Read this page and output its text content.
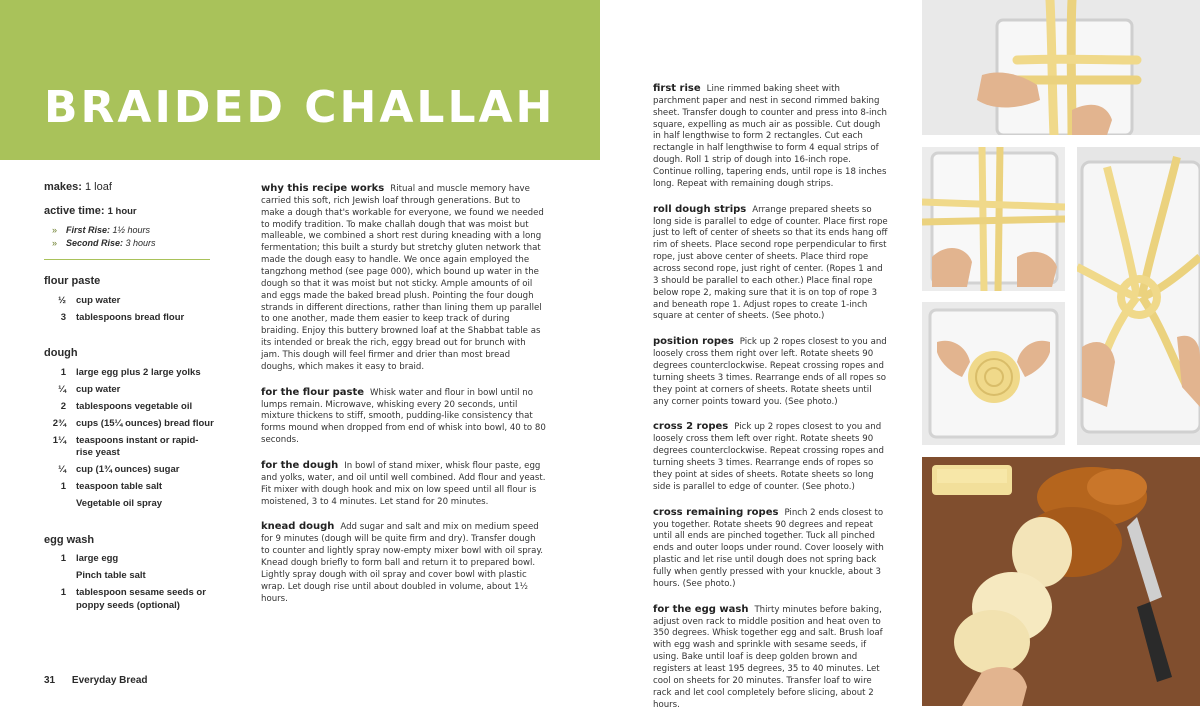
BRAIDED CHALLAH
makes: 1 loaf
active time: 1 hour
» First Rise: 1½ hours
» Second Rise: 3 hours
flour paste
½	cup water
3	tablespoons bread flour
dough
1	large egg plus 2 large yolks
¼	cup water
2	tablespoons vegetable oil
2¾	cups (15¼ ounces) bread flour
1¼	teaspoons instant or rapid-rise yeast
¼	cup (1¾ ounces) sugar
1	teaspoon table salt
Vegetable oil spray
egg wash
1	large egg
Pinch table salt
1	tablespoon sesame seeds or poppy seeds (optional)
31 Everyday Bread

why this recipe works Ritual and muscle memory have carried this soft, rich Jewish loaf through generations. But to make a dough that's workable for everyone, we found we needed to modify tradition. To make challah dough that was moist but malleable, we combined a short rest during kneading with a long fermentation; this built a sturdy but stretchy gluten network that made the dough easy to handle. We once again employed the tangzhong method (see page 000), which bound up water in the dough so that it was moist but not sticky. Ample amounts of oil and eggs made the baked bread plush. Pointing the four dough strands in different directions, rather than lining them up parallel to one another, made them easier to keep track of during braiding. Enjoy this buttery browned loaf at the Shabbat table as its intended or break the rich, eggy bread out for brunch with jam. This dough will feel firmer and drier than most bread doughs, which makes it easy to braid.

for the flour paste Whisk water and flour in bowl until no lumps remain. Microwave, whisking every 20 seconds, until mixture thickens to stiff, smooth, pudding-like consistency that forms mound when dropped from end of whisk into bowl, 40 to 80 seconds.

for the dough In bowl of stand mixer, whisk flour paste, egg and yolks, water, and oil until well combined. Add flour and yeast. Fit mixer with dough hook and mix on low speed until all flour is moistened, 3 to 4 minutes. Let stand for 20 minutes.

knead dough Add sugar and salt and mix on medium speed for 9 minutes (dough will be quite firm and dry). Transfer dough to counter and lightly spray now-empty mixer bowl with oil spray. Knead dough briefly to form ball and return it to prepared bowl. Lightly spray dough with oil spray and cover bowl with plastic wrap. Let dough rise until about doubled in volume, about 1½ hours.

first rise Line rimmed baking sheet with parchment paper and nest in second rimmed baking sheet. Transfer dough to counter and press into 8-inch square, expelling as much air as possible. Cut dough in half lengthwise to form 2 rectangles. Cut each rectangle in half lengthwise to form 4 equal strips of dough. Roll 1 strip of dough into 16-inch rope. Continue rolling, tapering ends, until rope is 18 inches long. Repeat with remaining dough strips.

roll dough strips Arrange prepared sheets so long side is parallel to edge of counter. Place first rope just to left of center of sheets so that its ends hang off rim of sheets. Place second rope perpendicular to first rope, just above center of sheets. Place third rope across second rope, just right of center. (Ropes 1 and 3 should be parallel to each other.) Place final rope below rope 2, making sure that it is on top of rope 3 and beneath rope 1. Adjust ropes to create 1-inch square at center of sheets. (See photo.)

position ropes Pick up 2 ropes closest to you and loosely cross them right over left. Rotate sheets 90 degrees counterclockwise. Repeat crossing ropes and turning sheets 3 times. Rearrange ends of all ropes so they point at corners of sheets. Rotate sheets until any corner points toward you. (See photo.)

cross 2 ropes Pick up 2 ropes closest to you and loosely cross them left over right. Rotate sheets 90 degrees counterclockwise. Repeat crossing ropes and turning sheets 3 times. Rearrange ends of ropes so they point at sides of sheets. Rotate sheets so long side is parallel to edge of counter. (See photo.)

cross remaining ropes Pinch 2 ends closest to you together. Rotate sheets 90 degrees and repeat until all ends are pinched together. Tuck all pinched ends and outer loops under round. Cover loosely with plastic and let rise until dough does not spring back fully when gently pressed with your knuckle, about 3 hours. (See photo.)

for the egg wash Thirty minutes before baking, adjust oven rack to middle position and heat oven to 350 degrees. Whisk together egg and salt. Brush loaf with egg wash and sprinkle with sesame seeds, if using. Bake until loaf is deep golden brown and registers at least 195 degrees, 35 to 40 minutes. Let cool on sheets for 20 minutes. Transfer loaf to wire rack and let cool completely before slicing, about 2 hours.
